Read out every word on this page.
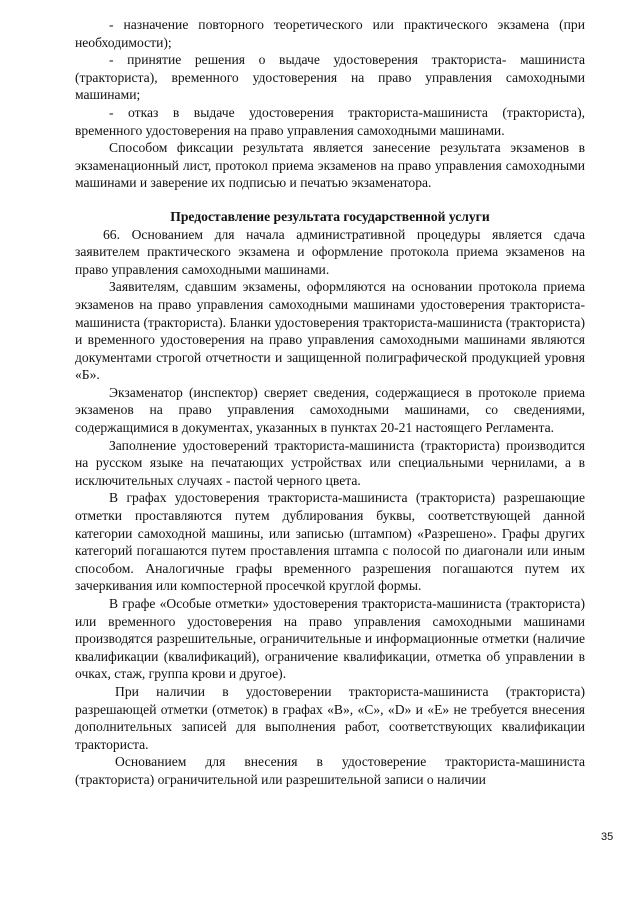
- назначение повторного теоретического или практического экзамена (при необходимости);

- принятие решения о выдаче удостоверения тракториста- машиниста (тракториста), временного удостоверения на право управления самоходными машинами;

- отказ в выдаче удостоверения тракториста-машиниста (тракториста), временного удостоверения на право управления самоходными машинами.

Способом фиксации результата является занесение результата экзаменов в экзаменационный лист, протокол приема экзаменов на право управления самоходными машинами и заверение их подписью и печатью экзаменатора.

Предоставление результата государственной услуги

66. Основанием для начала административной процедуры является сдача заявителем практического экзамена и оформление протокола приема экзаменов на право управления самоходными машинами.

Заявителям, сдавшим экзамены, оформляются на основании протокола приема экзаменов на право управления самоходными машинами удостоверения тракториста-машиниста (тракториста). Бланки удостоверения тракториста-машиниста (тракториста) и временного удостоверения на право управления самоходными машинами являются документами строгой отчетности и защищенной полиграфической продукцией уровня «Б».

Экзаменатор (инспектор) сверяет сведения, содержащиеся в протоколе приема экзаменов на право управления самоходными машинами, со сведениями, содержащимися в документах, указанных в пунктах 20-21 настоящего Регламента.

Заполнение удостоверений тракториста-машиниста (тракториста) производится на русском языке на печатающих устройствах или специальными чернилами, а в исключительных случаях - пастой черного цвета.

В графах удостоверения тракториста-машиниста (тракториста) разрешающие отметки проставляются путем дублирования буквы, соответствующей данной категории самоходной машины, или записью (штампом) «Разрешено». Графы других категорий погашаются путем проставления штампа с полосой по диагонали или иным способом. Аналогичные графы временного разрешения погашаются путем их зачеркивания или компостерной просечкой круглой формы.

В графе «Особые отметки» удостоверения тракториста-машиниста (тракториста) или временного удостоверения на право управления самоходными машинами производятся разрешительные, ограничительные и информационные отметки (наличие квалификации (квалификаций), ограничение квалификации, отметка об управлении в очках, стаж, группа крови и другое).

При наличии в удостоверении тракториста-машиниста (тракториста) разрешающей отметки (отметок) в графах «В», «С», «D» и «Е» не требуется внесения дополнительных записей для выполнения работ, соответствующих квалификации тракториста.

Основанием для внесения в удостоверение тракториста-машиниста (тракториста) ограничительной или разрешительной записи о наличии

35
